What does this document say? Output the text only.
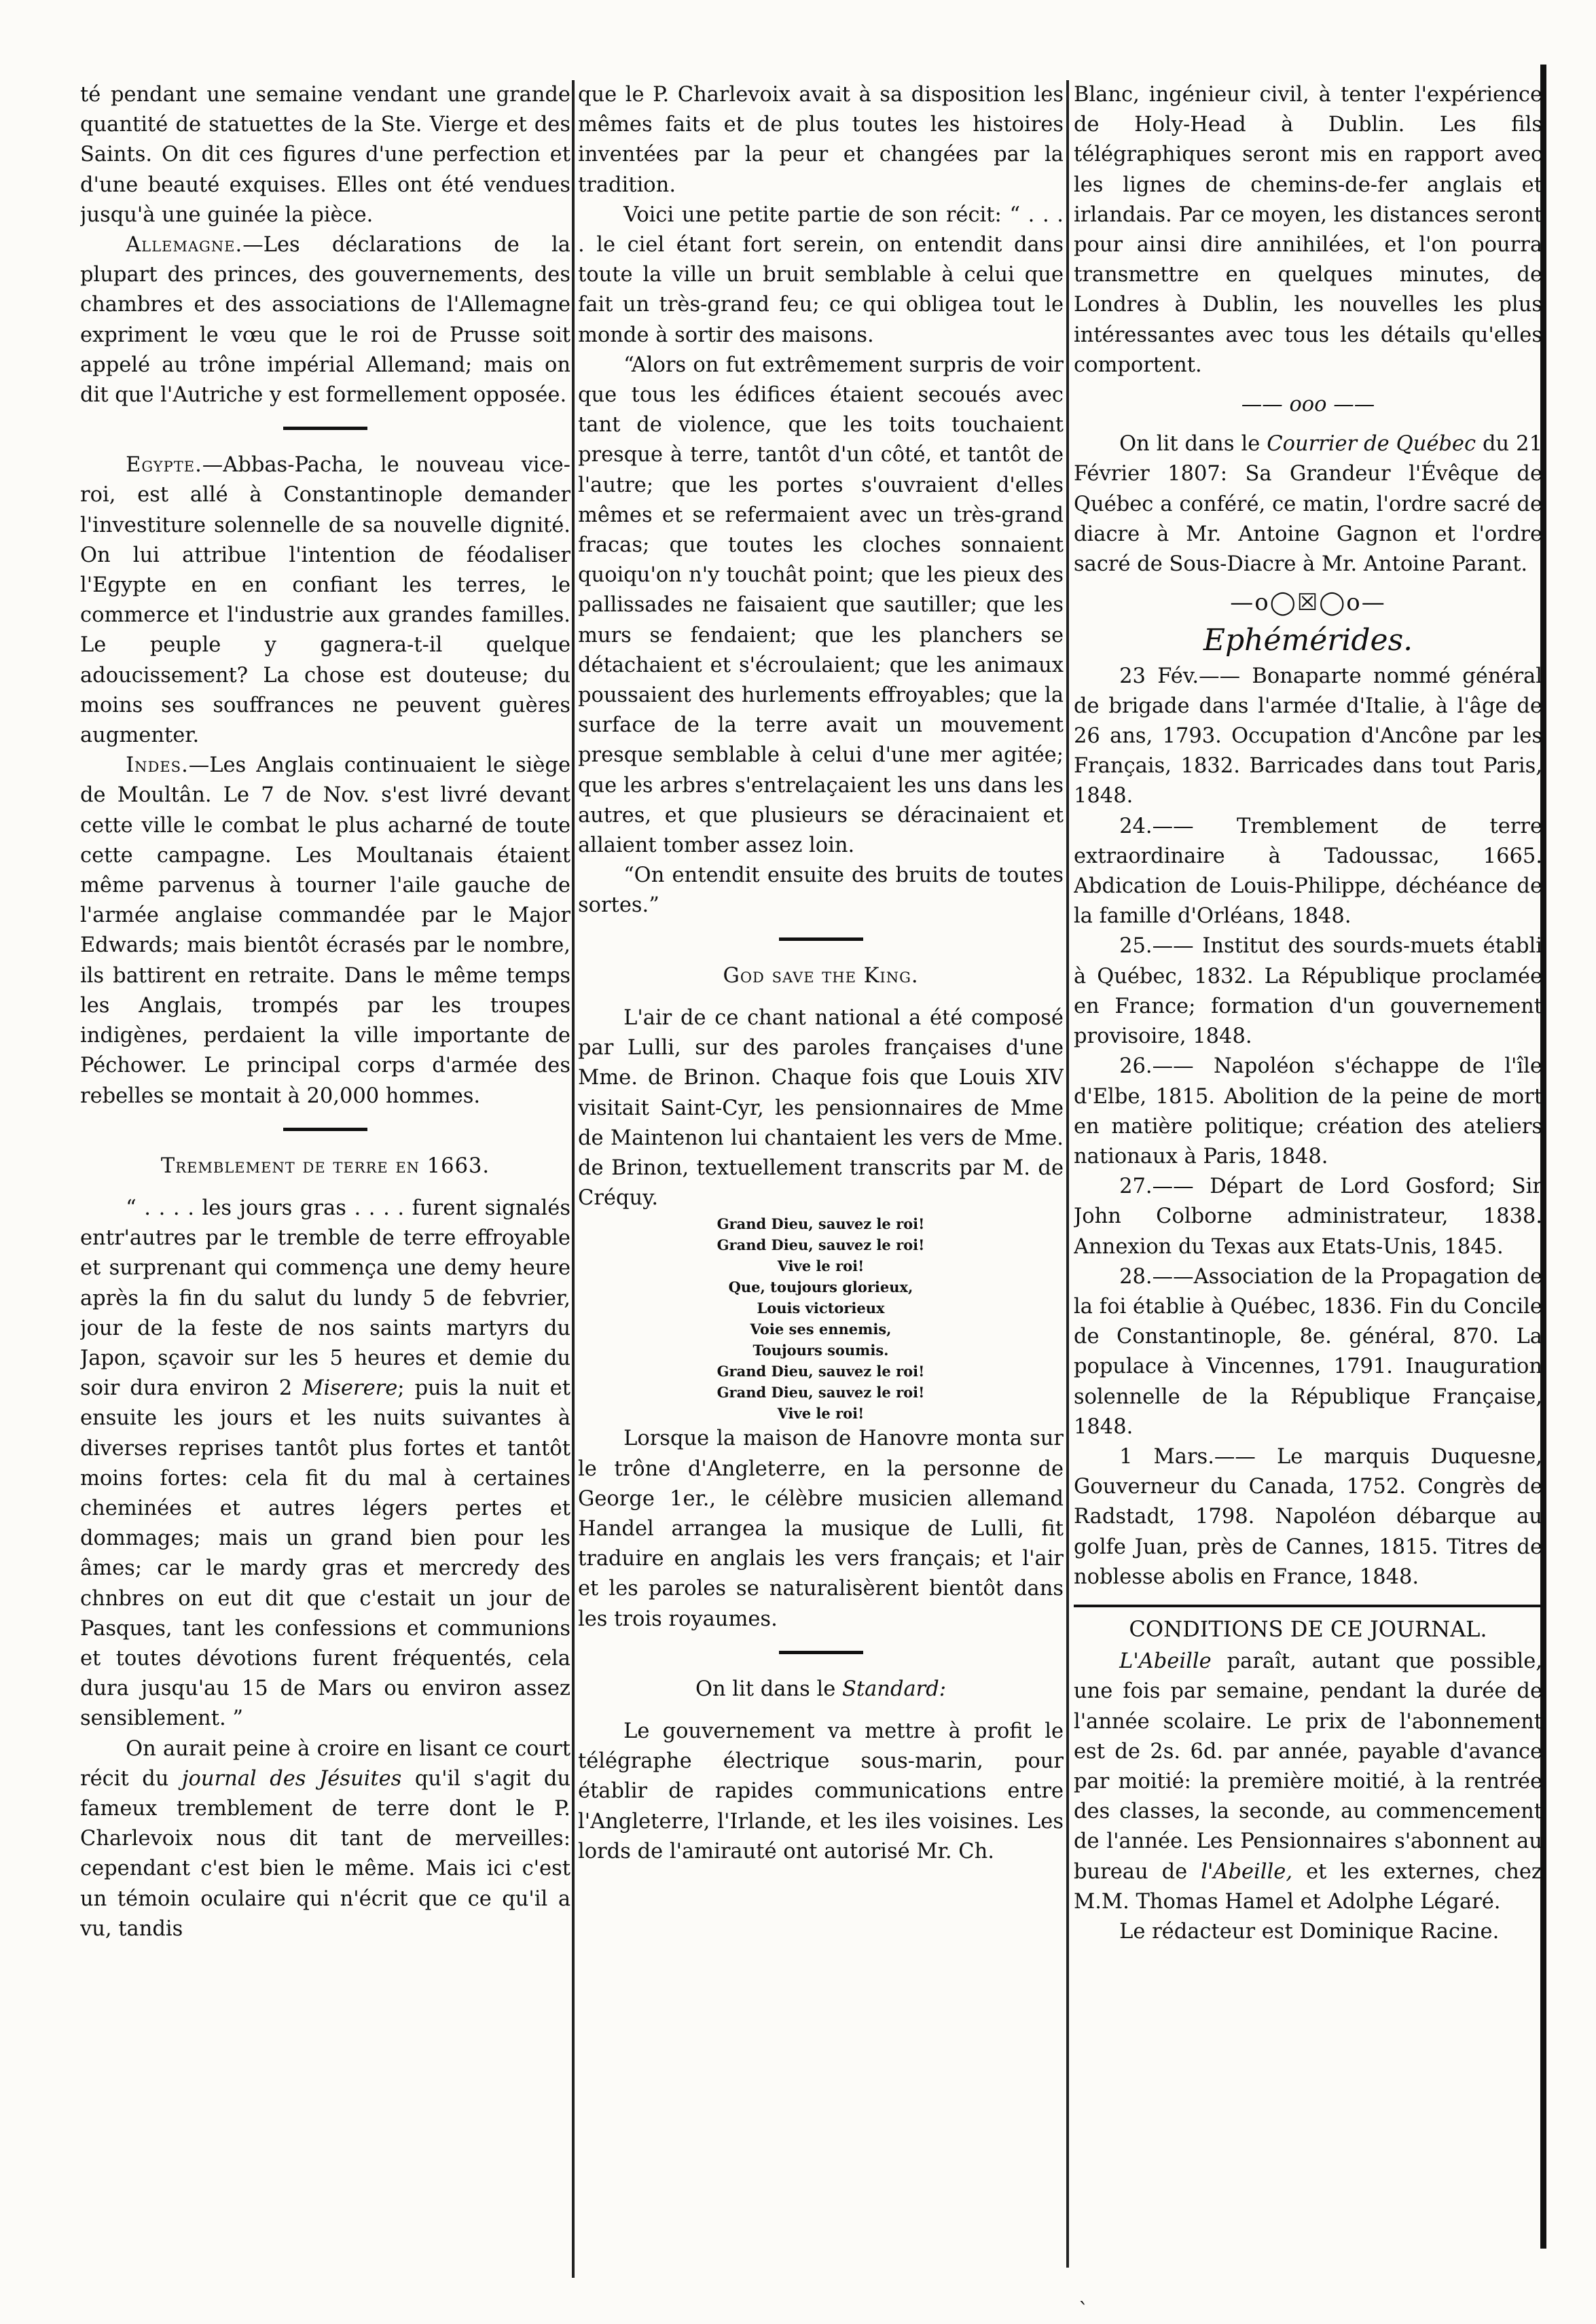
té pendant une semaine vendant une grande quantité de statuettes de la Ste. Vierge et des Saints. On dit ces figures d'une perfection et d'une beauté exquises. Elles ont été vendues jusqu'à une guinée la pièce.

Allemagne.—Les déclarations de la plupart des princes, des gouvernements, des chambres et des associations de l'Allemagne expriment le vœu que le roi de Prusse soit appelé au trône impérial Allemand; mais on dit que l'Autriche y est formellement opposée.

Egypte.—Abbas-Pacha, le nouveau vice-roi, est allé à Constantinople demander l'investiture solennelle de sa nouvelle dignité. On lui attribue l'intention de féodaliser l'Egypte en en confiant les terres, le commerce et l'industrie aux grandes familles. Le peuple y gagnera-t-il quelque adoucissement? La chose est douteuse; du moins ses souffrances ne peuvent guères augmenter.

Indes.—Les Anglais continuaient le siège de Moultân. Le 7 de Nov. s'est livré devant cette ville le combat le plus acharné de toute cette campagne. Les Moultanais étaient même parvenus à tourner l'aile gauche de l'armée anglaise commandée par le Major Edwards; mais bientôt écrasés par le nombre, ils battirent en retraite. Dans le même temps les Anglais, trompés par les troupes indigènes, perdaient la ville importante de Péchower. Le principal corps d'armée des rebelles se montait à 20,000 hommes.

Tremblement de terre en 1663.

“ . . . . les jours gras . . . . furent signalés entr'autres par le tremble de terre effroyable et surprenant qui commença une demy heure après la fin du salut du lundy 5 de febvrier, jour de la feste de nos saints martyrs du Japon, sçavoir sur les 5 heures et demie du soir dura environ 2 Miserere; puis la nuit et ensuite les jours et les nuits suivantes à diverses reprises tantôt plus fortes et tantôt moins fortes: cela fit du mal à certaines cheminées et autres légers pertes et dommages; mais un grand bien pour les âmes; car le mardy gras et mercredy des chnbres on eut dit que c'estait un jour de Pasques, tant les confessions et communions et toutes dévotions furent fréquentés, cela dura jusqu'au 15 de Mars ou environ assez sensiblement. ”

On aurait peine à croire en lisant ce court récit du journal des Jésuites qu'il s'agit du fameux tremblement de terre dont le P. Charlevoix nous dit tant de merveilles: cependant c'est bien le même. Mais ici c'est un témoin oculaire qui n'écrit que ce qu'il a vu, tandis

que le P. Charlevoix avait à sa disposition les mêmes faits et de plus toutes les histoires inventées par la peur et changées par la tradition.

Voici une petite partie de son récit: “ . . . . le ciel étant fort serein, on entendit dans toute la ville un bruit semblable à celui que fait un très-grand feu; ce qui obligea tout le monde à sortir des maisons.

“Alors on fut extrêmement surpris de voir que tous les édifices étaient secoués avec tant de violence, que les toits touchaient presque à terre, tantôt d'un côté, et tantôt de l'autre; que les portes s'ouvraient d'elles mêmes et se refermaient avec un très-grand fracas; que toutes les cloches sonnaient quoiqu'on n'y touchât point; que les pieux des pallissades ne faisaient que sautiller; que les murs se fendaient; que les planchers se détachaient et s'écroulaient; que les animaux poussaient des hurlements effroyables; que la surface de la terre avait un mouvement presque semblable à celui d'une mer agitée; que les arbres s'entrelaçaient les uns dans les autres, et que plusieurs se déracinaient et allaient tomber assez loin.

“On entendit ensuite des bruits de toutes sortes.”

God save the King.

L'air de ce chant national a été composé par Lulli, sur des paroles françaises d'une Mme. de Brinon. Chaque fois que Louis XIV visitait Saint-Cyr, les pensionnaires de Mme de Maintenon lui chantaient les vers de Mme. de Brinon, textuellement transcrits par M. de Créquy.

Grand Dieu, sauvez le roi!
Grand Dieu, sauvez le roi!
Vive le roi!
Que, toujours glorieux,
Louis victorieux
Voie ses ennemis,
Toujours soumis.
Grand Dieu, sauvez le roi!
Grand Dieu, sauvez le roi!
Vive le roi!

Lorsque la maison de Hanovre monta sur le trône d'Angleterre, en la personne de George 1er., le célèbre musicien allemand Handel arrangea la musique de Lulli, fit traduire en anglais les vers français; et l'air et les paroles se naturalisèrent bientôt dans les trois royaumes.

On lit dans le Standard:

Le gouvernement va mettre à profit le télégraphe électrique sous-marin, pour établir de rapides communications entre l'Angleterre, l'Irlande, et les iles voisines. Les lords de l'amirauté ont autorisé Mr. Ch.

Blanc, ingénieur civil, à tenter l'expérience de Holy-Head à Dublin. Les fils télégraphiques seront mis en rapport avec les lignes de chemins-de-fer anglais et irlandais. Par ce moyen, les distances seront pour ainsi dire annihilées, et l'on pourra transmettre en quelques minutes, de Londres à Dublin, les nouvelles les plus intéressantes avec tous les détails qu'elles comportent.

—— ooo ——

On lit dans le Courrier de Québec du 21 Février 1807: Sa Grandeur l'Évêque de Québec a conféré, ce matin, l'ordre sacré de diacre à Mr. Antoine Gagnon et l'ordre sacré de Sous-Diacre à Mr. Antoine Parant.

—o◯☒◯o—

Ephémérides.

23 Fév.—— Bonaparte nommé général de brigade dans l'armée d'Italie, à l'âge de 26 ans, 1793. Occupation d'Ancône par les Français, 1832. Barricades dans tout Paris, 1848.

24.—— Tremblement de terre extraordinaire à Tadoussac, 1665. Abdication de Louis-Philippe, déchéance de la famille d'Orléans, 1848.

25.—— Institut des sourds-muets établi à Québec, 1832. La République proclamée en France; formation d'un gouvernement provisoire, 1848.

26.—— Napoléon s'échappe de l'île d'Elbe, 1815. Abolition de la peine de mort en matière politique; création des ateliers nationaux à Paris, 1848.

27.—— Départ de Lord Gosford; Sir John Colborne administrateur, 1838. Annexion du Texas aux Etats-Unis, 1845.

28.——Association de la Propagation de la foi établie à Québec, 1836. Fin du Concile de Constantinople, 8e. général, 870. La populace à Vincennes, 1791. Inauguration solennelle de la République Française, 1848.

1 Mars.—— Le marquis Duquesne, Gouverneur du Canada, 1752. Congrès de Radstadt, 1798. Napoléon débarque au golfe Juan, près de Cannes, 1815. Titres de noblesse abolis en France, 1848.

CONDITIONS DE CE JOURNAL.

L'Abeille paraît, autant que possible, une fois par semaine, pendant la durée de l'année scolaire. Le prix de l'abonnement est de 2s. 6d. par année, payable d'avance par moitié: la première moitié, à la rentrée des classes, la seconde, au commencement de l'année. Les Pensionnaires s'abonnent au bureau de l'Abeille, et les externes, chez M.M. Thomas Hamel et Adolphe Légaré.

Le rédacteur est Dominique Racine.

`
